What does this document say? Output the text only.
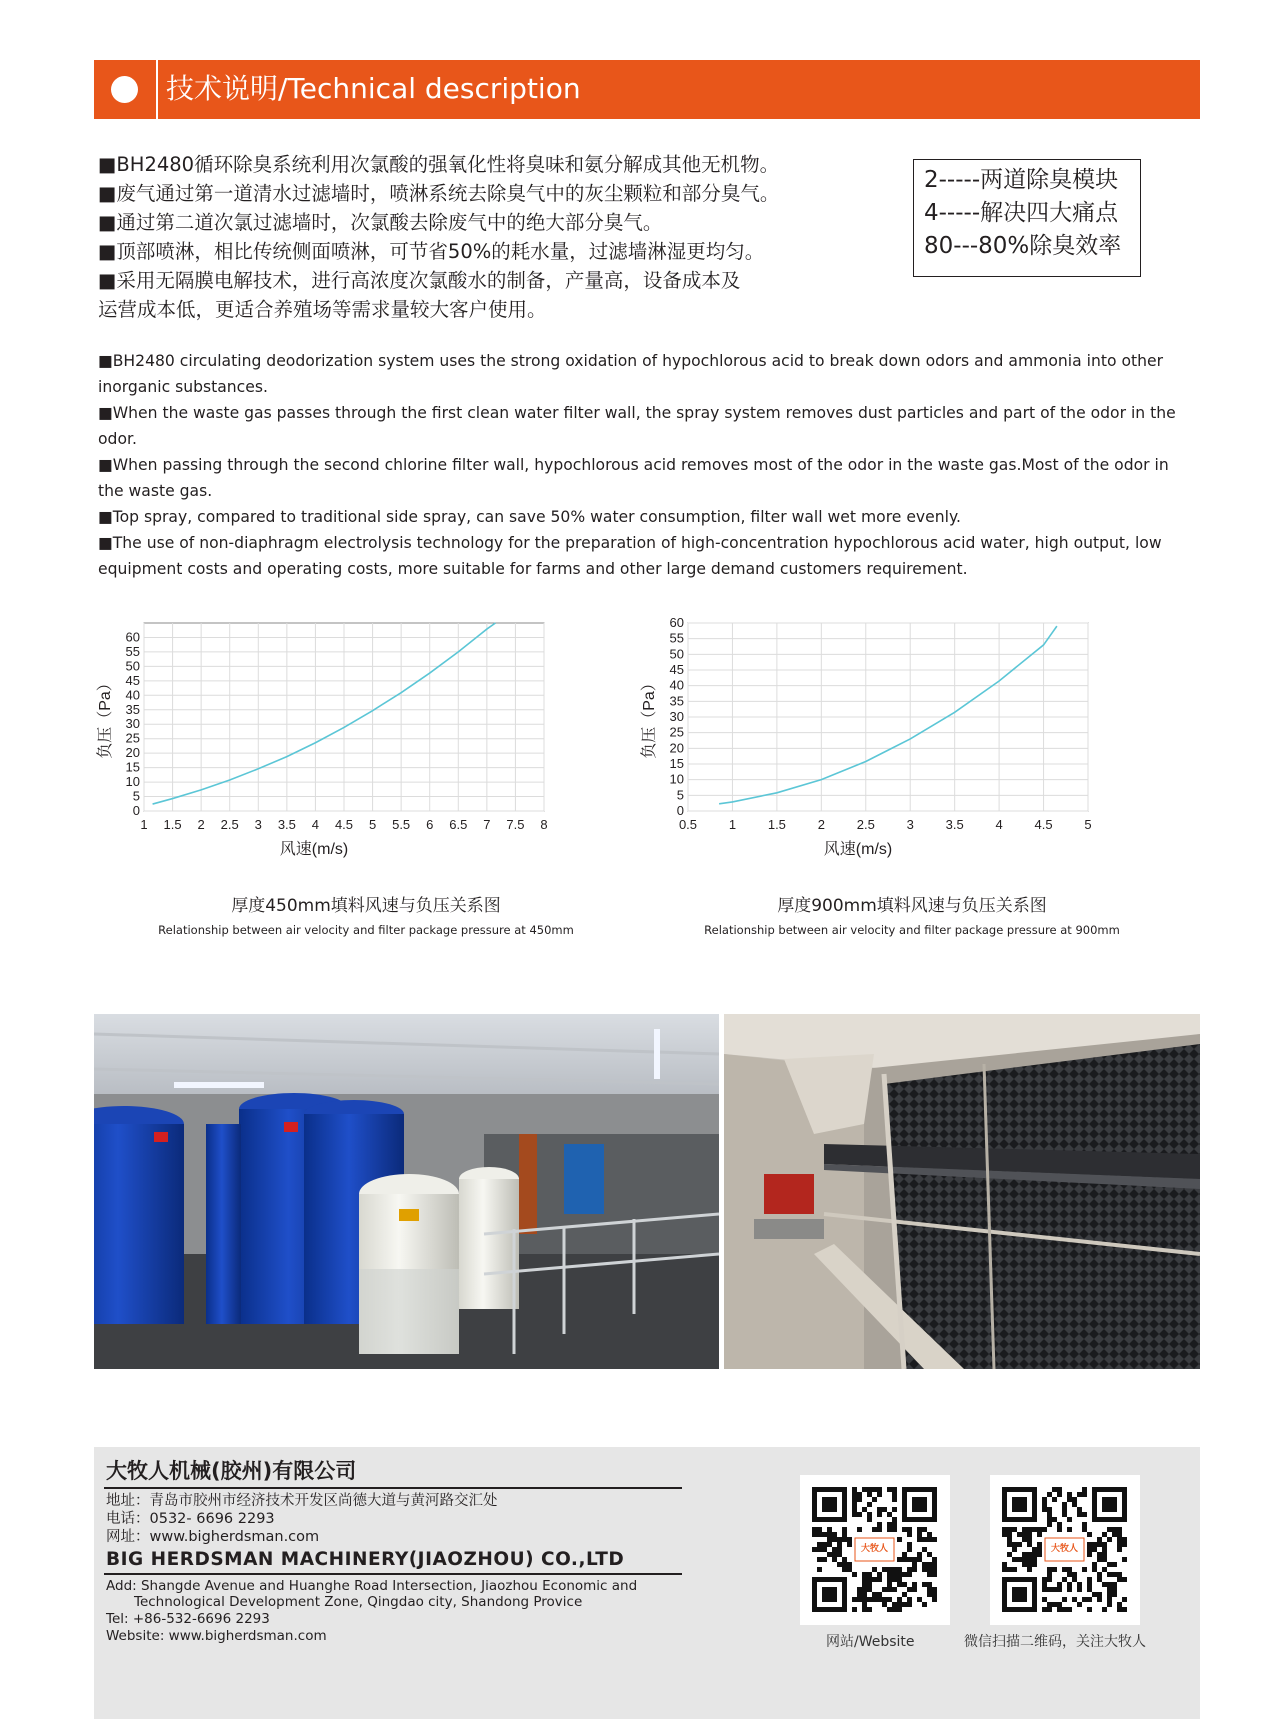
技术说明/Technical description

■BH2480循环除臭系统利用次氯酸的强氧化性将臭味和氨分解成其他无机物。

■废气通过第一道清水过滤墙时，喷淋系统去除臭气中的灰尘颗粒和部分臭气。

■通过第二道次氯过滤墙时，次氯酸去除废气中的绝大部分臭气。

■顶部喷淋，相比传统侧面喷淋，可节省50%的耗水量，过滤墙淋湿更均匀。

■采用无隔膜电解技术，进行高浓度次氯酸水的制备，产量高，设备成本及

运营成本低，更适合养殖场等需求量较大客户使用。

2-----两道除臭模块
4-----解决四大痛点
80---80%除臭效率

■BH2480 circulating deodorization system uses the strong oxidation of hypochlorous acid to break down odors and ammonia into other inorganic substances.

■When the waste gas passes through the first clean water filter wall, the spray system removes dust particles and part of the odor in the odor.

■When passing through the second chlorine filter wall, hypochlorous acid removes most of the odor in the waste gas.Most of the odor in the waste gas.

■Top spray, compared to traditional side spray, can save 50% water consumption, filter wall wet more evenly.

■The use of non-diaphragm electrolysis technology for the preparation of high-concentration hypochlorous acid water, high output, low equipment costs and operating costs, more suitable for farms and other large demand customers requirement.

1 1.5 2 2.5 3 3.5 4 4.5 5 5.5 6 6.5 7 7.5 8
0
5
10
15
20
25
30
35
40
45
50
55
60
风速(m/s)
负压（Pa）
厚度450mm填料风速与负压关系图
Relationship between air velocity and filter package pressure at 450mm
0.5 1 1.5 2 2.5 3 3.5 4 4.5 5
0
5
10
15
20
25
30
35
40
45
50
55
60
风速(m/s)
负压（Pa）
厚度900mm填料风速与负压关系图
Relationship between air velocity and filter package pressure at 900mm
大牧人机械(胶州)有限公司
地址：青岛市胶州市经济技术开发区尚德大道与黄河路交汇处
电话：0532- 6696 2293
网址：www.bigherdsman.com
BIG HERDSMAN MACHINERY(JIAOZHOU) CO.,LTD
Add: Shangde Avenue and Huanghe Road Intersection, Jiaozhou Economic and
Technological Development Zone, Qingdao city, Shandong Provice
Tel: +86-532-6696 2293
Website: www.bigherdsman.com
大牧人
网站/Website
大牧人
微信扫描二维码，关注大牧人
